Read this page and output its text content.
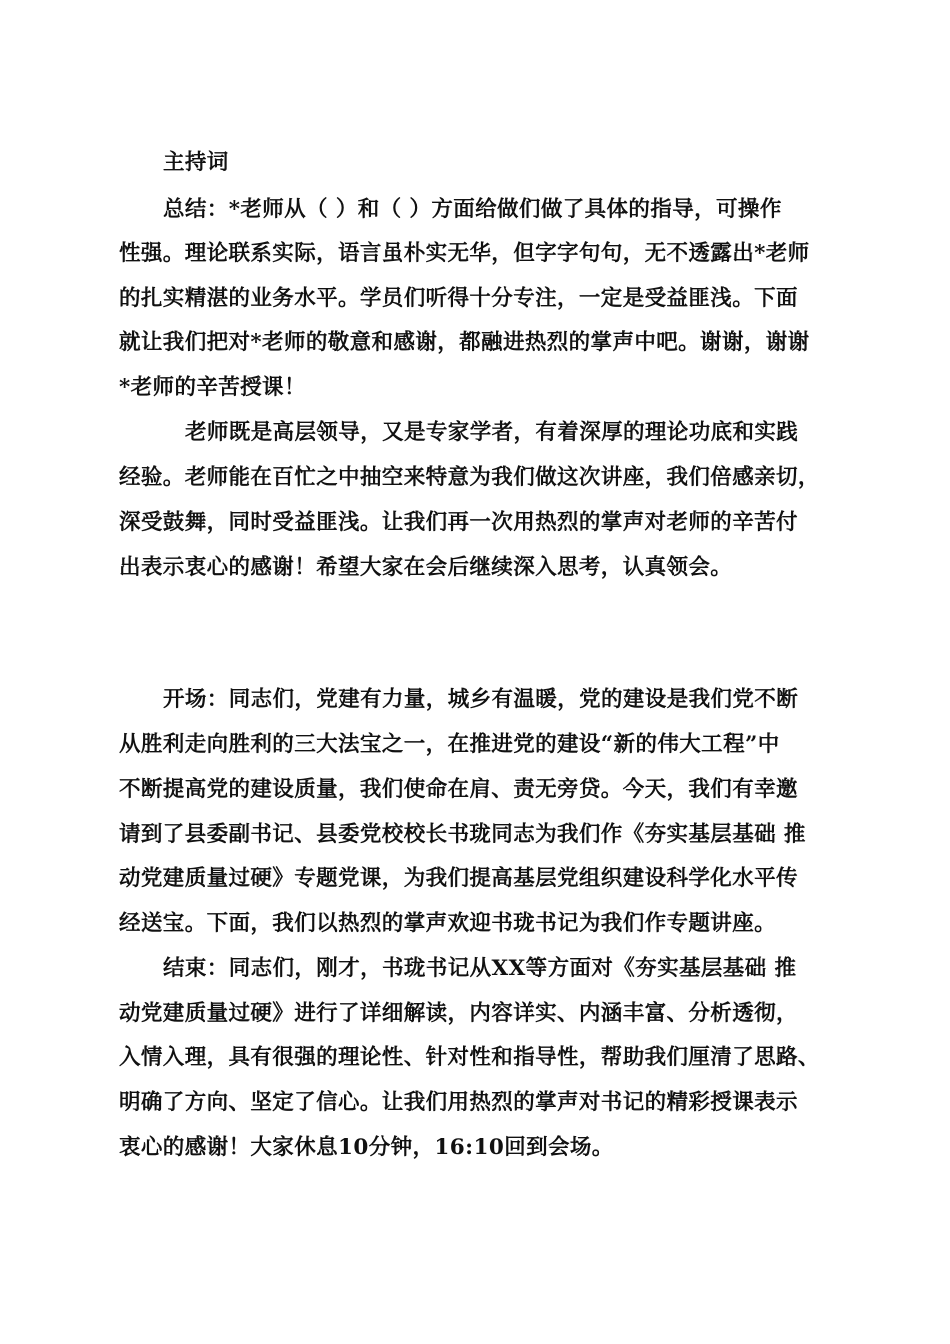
主持词
总结：*老师从（ ）和（ ）方面给做们做了具体的指导，可操作
性强。理论联系实际，语言虽朴实无华，但字字句句，无不透露出*老师
的扎实精湛的业务水平。学员们听得十分专注，一定是受益匪浅。下面
就让我们把对*老师的敬意和感谢，都融进热烈的掌声中吧。谢谢，谢谢
*老师的辛苦授课！
老师既是高层领导，又是专家学者，有着深厚的理论功底和实践
经验。老师能在百忙之中抽空来特意为我们做这次讲座，我们倍感亲切，
深受鼓舞，同时受益匪浅。让我们再一次用热烈的掌声对老师的辛苦付
出表示衷心的感谢！希望大家在会后继续深入思考，认真领会。
开场：同志们，党建有力量，城乡有温暖，党的建设是我们党不断
从胜利走向胜利的三大法宝之一，在推进党的建设“新的伟大工程”中
不断提高党的建设质量，我们使命在肩、责无旁贷。今天，我们有幸邀
请到了县委副书记、县委党校校长书珑同志为我们作《夯实基层基础 推
动党建质量过硬》专题党课，为我们提高基层党组织建设科学化水平传
经送宝。下面，我们以热烈的掌声欢迎书珑书记为我们作专题讲座。
结束：同志们，刚才，书珑书记从XX等方面对《夯实基层基础 推
动党建质量过硬》进行了详细解读，内容详实、内涵丰富、分析透彻，
入情入理，具有很强的理论性、针对性和指导性，帮助我们厘清了思路、
明确了方向、坚定了信心。让我们用热烈的掌声对书记的精彩授课表示
衷心的感谢！大家休息10分钟，16:10回到会场。
